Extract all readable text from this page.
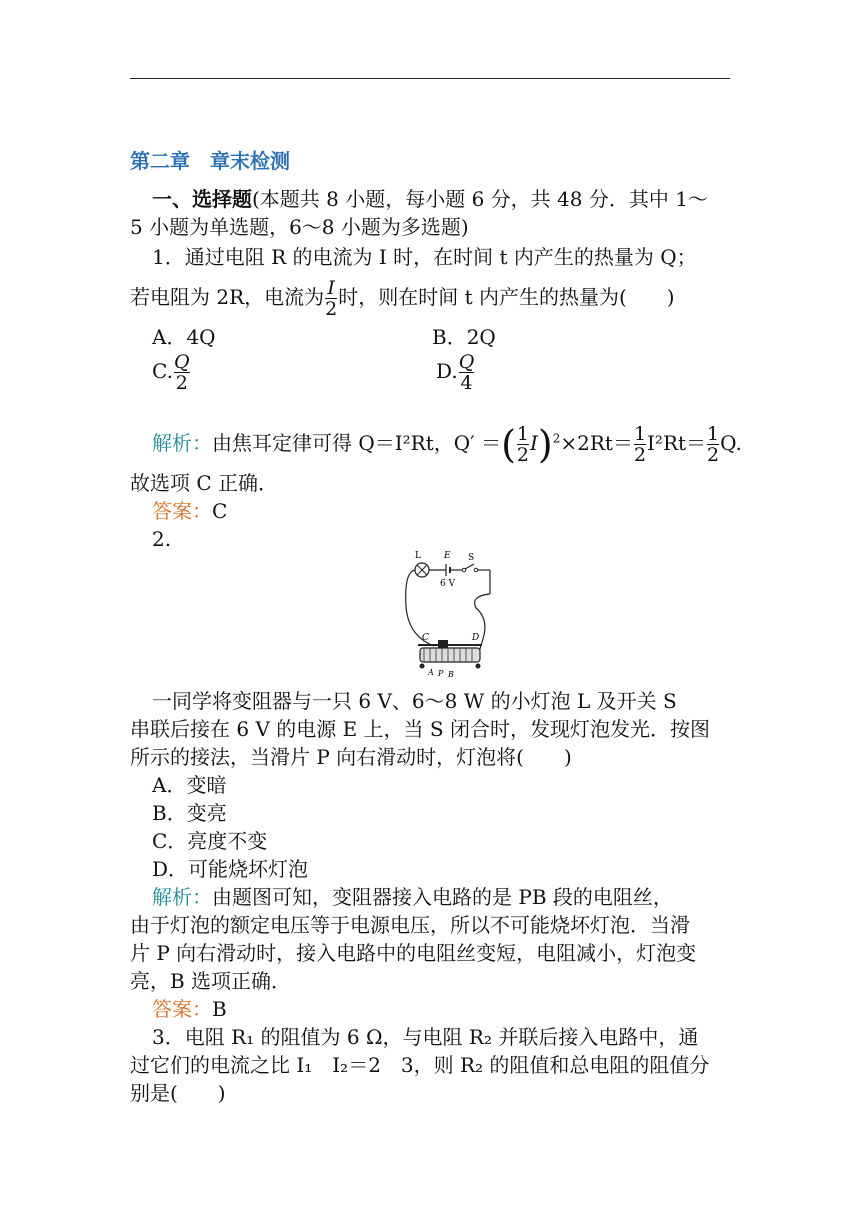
第二章　章末检测
一、选择题(本题共 8 小题，每小题 6 分，共 48 分．其中 1～
5 小题为单选题，6～8 小题为多选题)
1．通过电阻 R 的电流为 I 时，在时间 t 内产生的热量为 Q；
若电阻为 2R，电流为 $\frac{I}{2}$ 时，则在时间 t 内产生的热量为(　　)
A．4Q	B．2Q
C. $\frac{Q}{2}$	D. $\frac{Q}{4}$
解析：由焦耳定律可得 Q＝I²Rt，Q′ ＝( $\frac{1}{2} I)^2\times 2Rt= \frac{1}{2} I^2Rt= \frac{1}{2} Q$.
故选项 C 正确．
答案：C
2.
L	E S
6 V
C	D
A P B
一同学将变阻器与一只 6 V、6～8 W 的小灯泡 L 及开关 S
串联后接在 6 V 的电源 E 上，当 S 闭合时，发现灯泡发光．按图
所示的接法，当滑片 P 向右滑动时，灯泡将(　　)
A．变暗
B．变亮
C．亮度不变
D．可能烧坏灯泡
解析：由题图可知，变阻器接入电路的是 PB 段的电阻丝，
由于灯泡的额定电压等于电源电压，所以不可能烧坏灯泡．当滑
片 P 向右滑动时，接入电路中的电阻丝变短，电阻减小，灯泡变
亮，B 选项正确．
答案：B
3．电阻 R₁ 的阻值为 6 Ω，与电阻 R₂ 并联后接入电路中，通
过它们的电流之比 I₁　I₂＝2　3，则 R₂ 的阻值和总电阻的阻值分
别是(　　)
